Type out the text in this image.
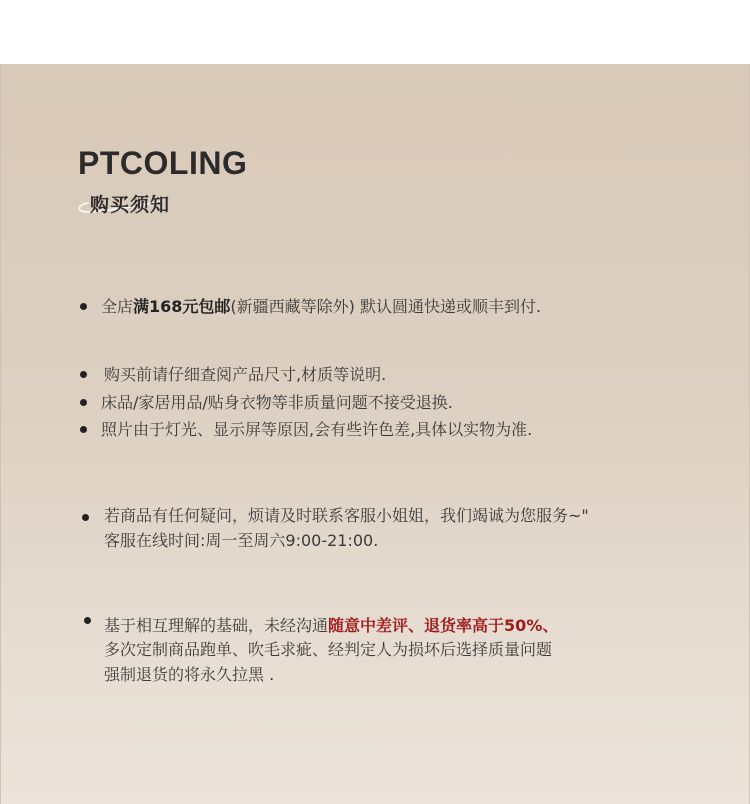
PTCOLING
购买须知
全店满168元包邮(新疆西藏等除外) 默认圆通快递或顺丰到付.
购买前请仔细查阅产品尺寸,材质等说明.
床品/家居用品/贴身衣物等非质量问题不接受退换.
照片由于灯光、显示屏等原因,会有些许色差,具体以实物为准.
若商品有任何疑问，烦请及时联系客服小姐姐，我们竭诚为您服务~"
客服在线时间:周一至周六9:00-21:00.
基于相互理解的基础，未经沟通随意中差评、退货率高于50%、
多次定制商品跑单、吹毛求疵、经判定人为损坏后选择质量问题
强制退货的将永久拉黑 .
